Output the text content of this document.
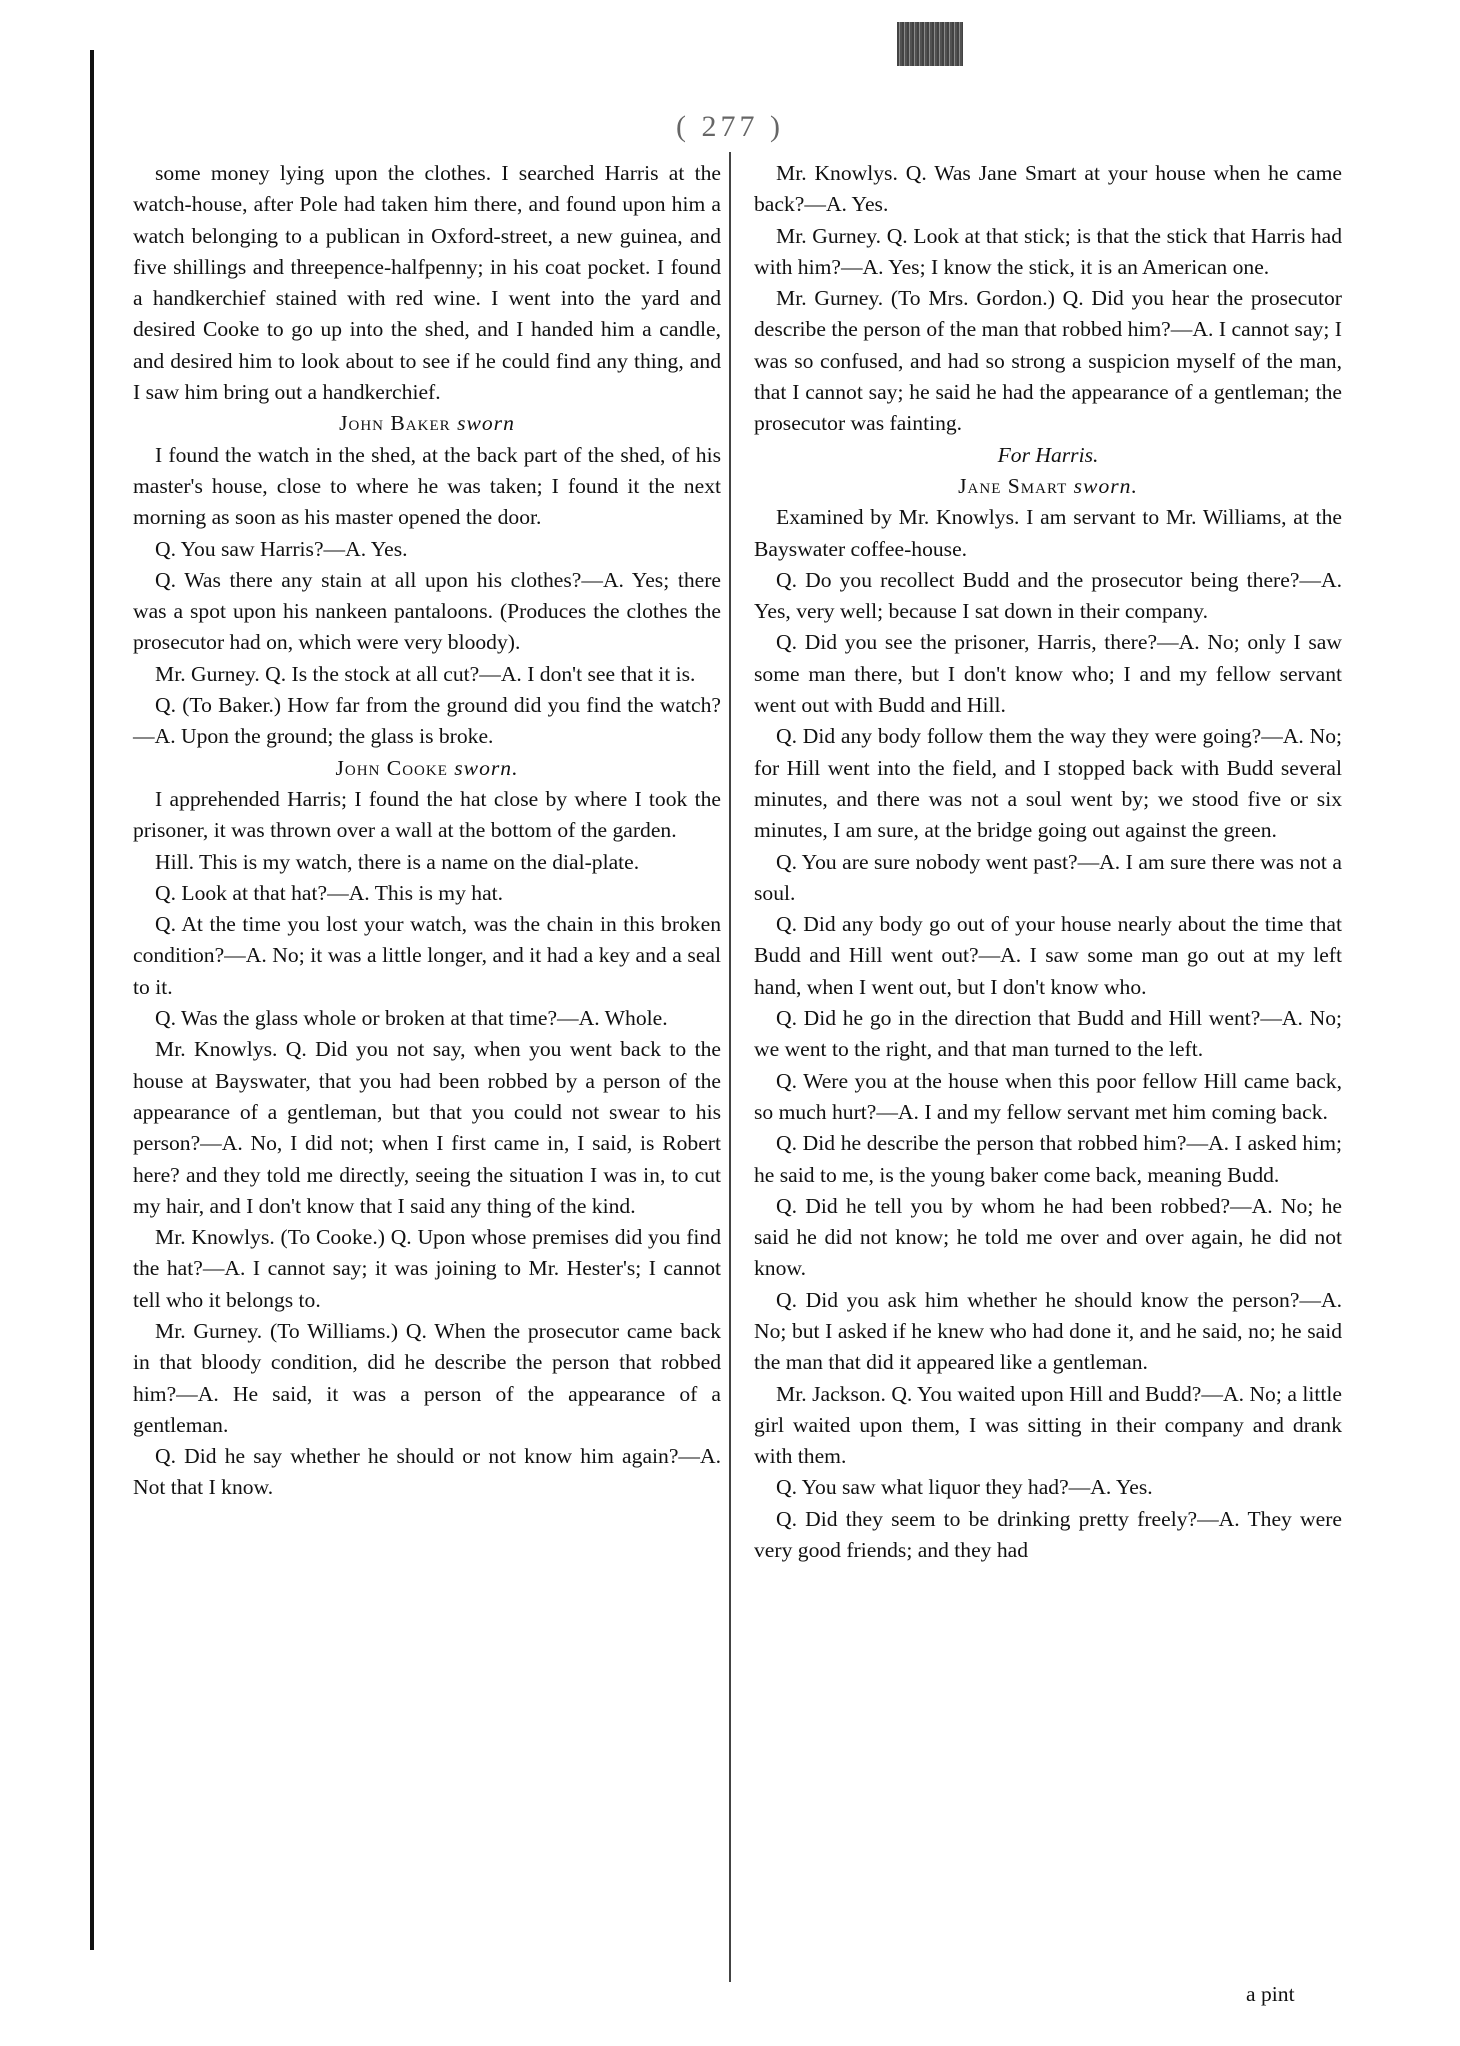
( 277 )

some money lying upon the clothes. I searched Harris at the watch-house, after Pole had taken him there, and found upon him a watch belonging to a publican in Oxford-street, a new guinea, and five shillings and threepence-halfpenny; in his coat pocket. I found a handkerchief stained with red wine. I went into the yard and desired Cooke to go up into the shed, and I handed him a candle, and desired him to look about to see if he could find any thing, and I saw him bring out a handkerchief.

John Baker sworn

I found the watch in the shed, at the back part of the shed, of his master's house, close to where he was taken; I found it the next morning as soon as his master opened the door.

Q. You saw Harris?—A. Yes.

Q. Was there any stain at all upon his clothes?—A. Yes; there was a spot upon his nankeen pantaloons. (Produces the clothes the prosecutor had on, which were very bloody).

Mr. Gurney. Q. Is the stock at all cut?—A. I don't see that it is.

Q. (To Baker.) How far from the ground did you find the watch?—A. Upon the ground; the glass is broke.

John Cooke sworn.

I apprehended Harris; I found the hat close by where I took the prisoner, it was thrown over a wall at the bottom of the garden.

Hill. This is my watch, there is a name on the dial-plate.

Q. Look at that hat?—A. This is my hat.

Q. At the time you lost your watch, was the chain in this broken condition?—A. No; it was a little longer, and it had a key and a seal to it.

Q. Was the glass whole or broken at that time?—A. Whole.

Mr. Knowlys. Q. Did you not say, when you went back to the house at Bayswater, that you had been robbed by a person of the appearance of a gentleman, but that you could not swear to his person?—A. No, I did not; when I first came in, I said, is Robert here? and they told me directly, seeing the situation I was in, to cut my hair, and I don't know that I said any thing of the kind.

Mr. Knowlys. (To Cooke.) Q. Upon whose premises did you find the hat?—A. I cannot say; it was joining to Mr. Hester's; I cannot tell who it belongs to.

Mr. Gurney. (To Williams.) Q. When the prosecutor came back in that bloody condition, did he describe the person that robbed him?—A. He said, it was a person of the appearance of a gentleman.

Q. Did he say whether he should or not know him again?—A. Not that I know.

Mr. Knowlys. Q. Was Jane Smart at your house when he came back?—A. Yes.

Mr. Gurney. Q. Look at that stick; is that the stick that Harris had with him?—A. Yes; I know the stick, it is an American one.

Mr. Gurney. (To Mrs. Gordon.) Q. Did you hear the prosecutor describe the person of the man that robbed him?—A. I cannot say; I was so confused, and had so strong a suspicion myself of the man, that I cannot say; he said he had the appearance of a gentleman; the prosecutor was fainting.

For Harris.

Jane Smart sworn.

Examined by Mr. Knowlys. I am servant to Mr. Williams, at the Bayswater coffee-house.

Q. Do you recollect Budd and the prosecutor being there?—A. Yes, very well; because I sat down in their company.

Q. Did you see the prisoner, Harris, there?—A. No; only I saw some man there, but I don't know who; I and my fellow servant went out with Budd and Hill.

Q. Did any body follow them the way they were going?—A. No; for Hill went into the field, and I stopped back with Budd several minutes, and there was not a soul went by; we stood five or six minutes, I am sure, at the bridge going out against the green.

Q. You are sure nobody went past?—A. I am sure there was not a soul.

Q. Did any body go out of your house nearly about the time that Budd and Hill went out?—A. I saw some man go out at my left hand, when I went out, but I don't know who.

Q. Did he go in the direction that Budd and Hill went?—A. No; we went to the right, and that man turned to the left.

Q. Were you at the house when this poor fellow Hill came back, so much hurt?—A. I and my fellow servant met him coming back.

Q. Did he describe the person that robbed him?—A. I asked him; he said to me, is the young baker come back, meaning Budd.

Q. Did he tell you by whom he had been robbed?—A. No; he said he did not know; he told me over and over again, he did not know.

Q. Did you ask him whether he should know the person?—A. No; but I asked if he knew who had done it, and he said, no; he said the man that did it appeared like a gentleman.

Mr. Jackson. Q. You waited upon Hill and Budd?—A. No; a little girl waited upon them, I was sitting in their company and drank with them.

Q. You saw what liquor they had?—A. Yes.

Q. Did they seem to be drinking pretty freely?—A. They were very good friends; and they had

a pint
